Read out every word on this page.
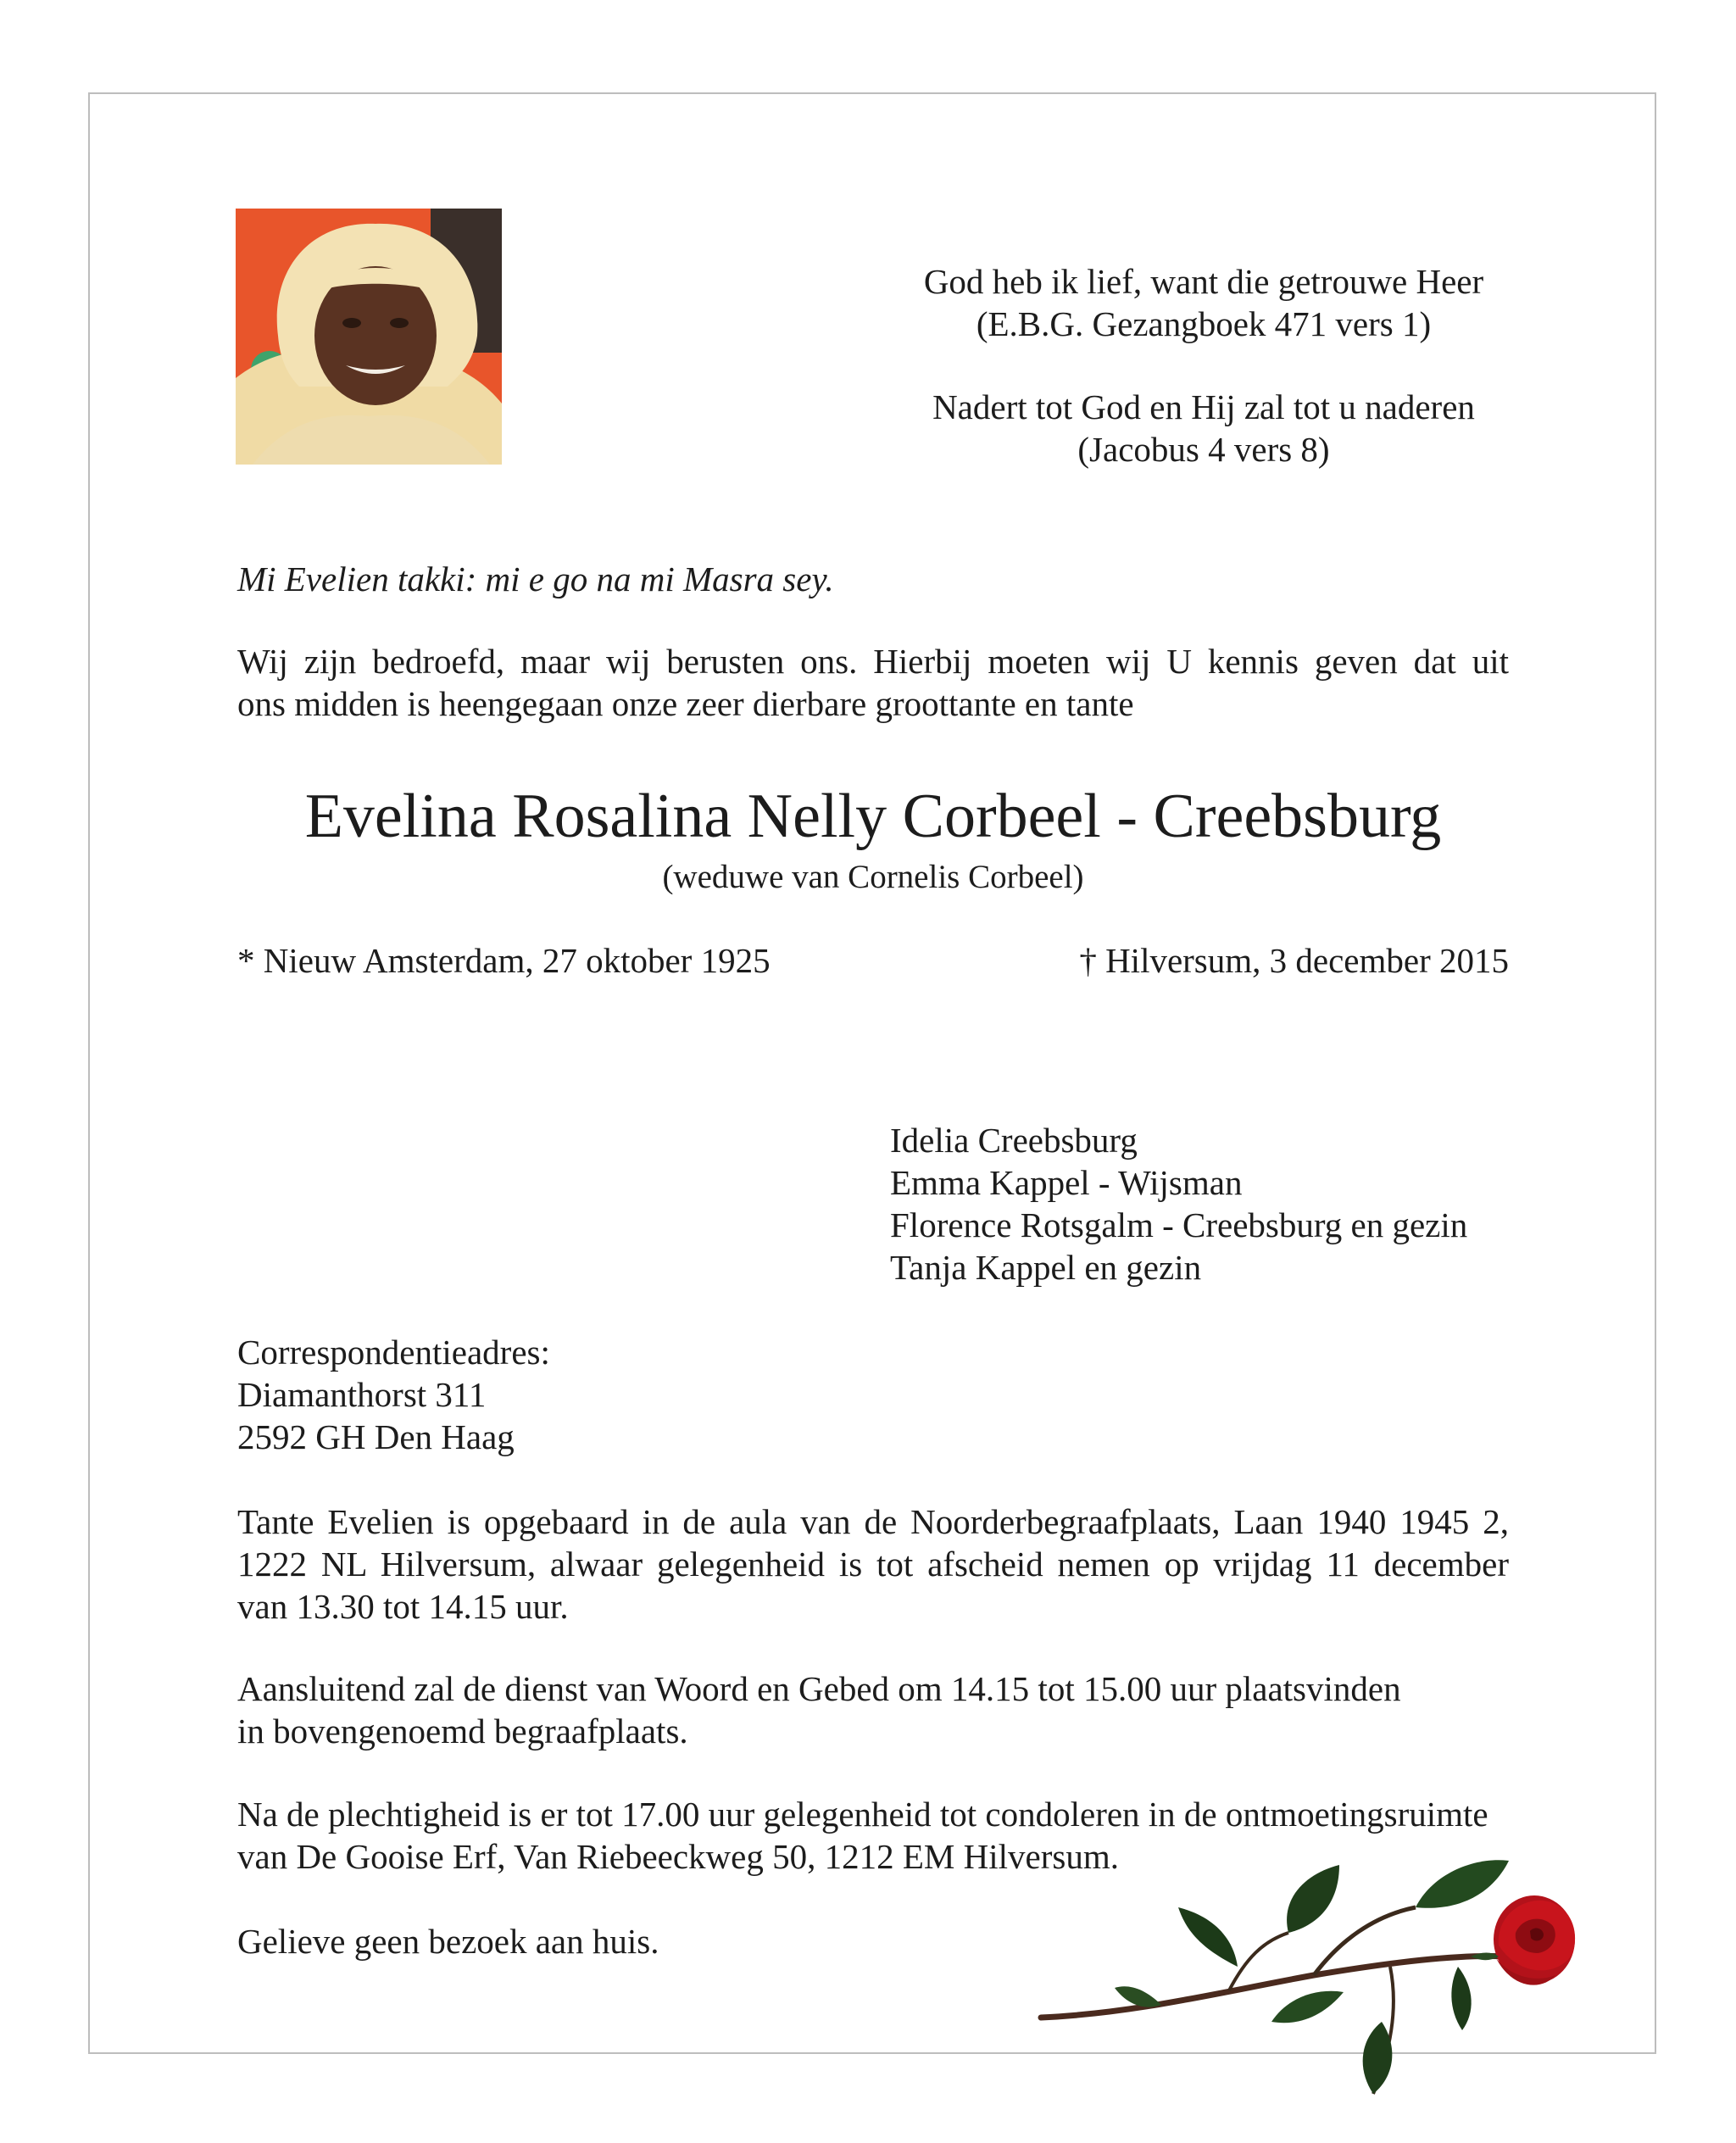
God heb ik lief, want die getrouwe Heer
(E.B.G. Gezangboek 471 vers 1)
Nadert tot God en Hij zal tot u naderen
(Jacobus 4 vers 8)
Mi Evelien takki: mi e go na mi Masra sey.
Wij zijn bedroefd, maar wij berusten ons. Hierbij moeten wij U kennis geven dat uit
ons midden is heengegaan onze zeer dierbare groottante en tante
Evelina Rosalina Nelly Corbeel - Creebsburg
(weduwe van Cornelis Corbeel)
* Nieuw Amsterdam, 27 oktober 1925	† Hilversum, 3 december 2015
Idelia Creebsburg
Emma Kappel - Wijsman
Florence Rotsgalm - Creebsburg en gezin
Tanja Kappel en gezin
Correspondentieadres:
Diamanthorst 311
2592 GH Den Haag
Tante Evelien is opgebaard in de aula van de Noorderbegraafplaats, Laan 1940 1945 2,
1222 NL Hilversum, alwaar gelegenheid is tot afscheid nemen op vrijdag 11 december
van 13.30 tot 14.15 uur.
Aansluitend zal de dienst van Woord en Gebed om 14.15 tot 15.00 uur plaatsvinden
in bovengenoemd begraafplaats.
Na de plechtigheid is er tot 17.00 uur gelegenheid tot condoleren in de ontmoetingsruimte
van De Gooise Erf, Van Riebeeckweg 50, 1212 EM Hilversum.
Gelieve geen bezoek aan huis.
